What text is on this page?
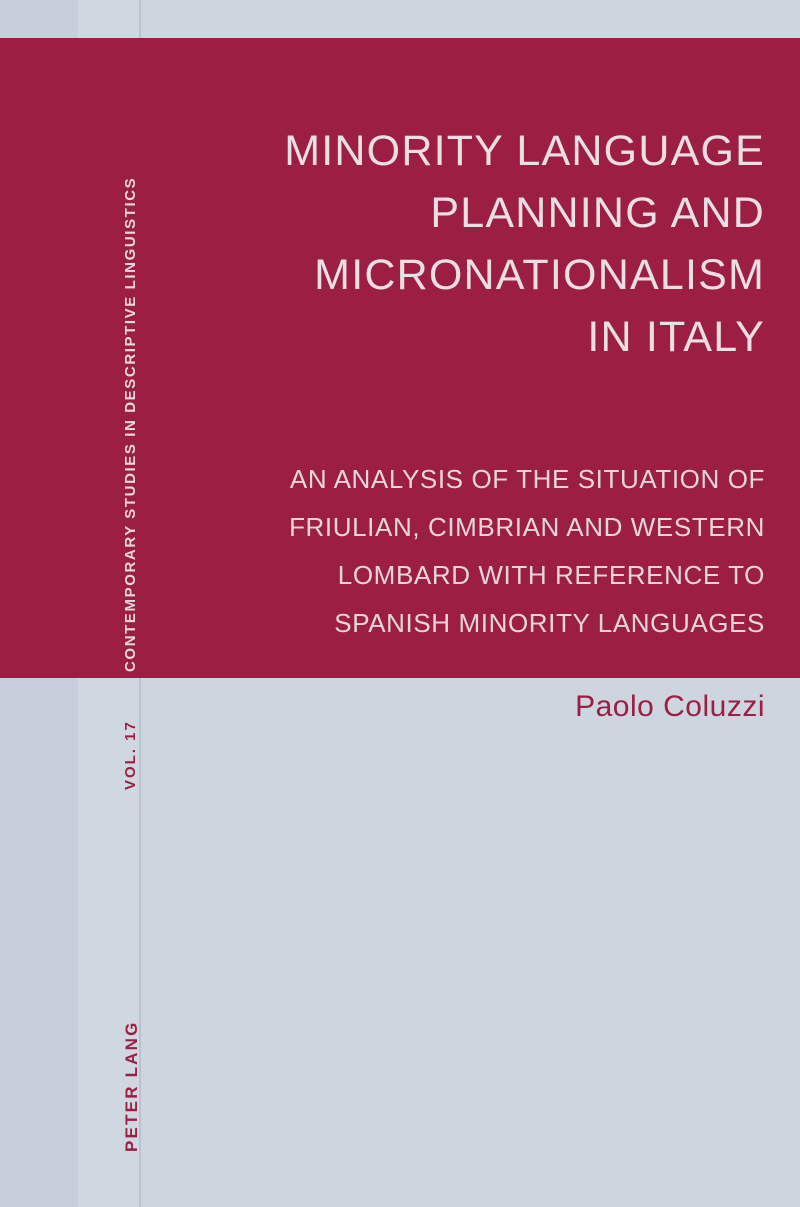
CONTEMPORARY STUDIES IN DESCRIPTIVE LINGUISTICS
VOL. 17
PETER LANG
MINORITY LANGUAGE
PLANNING AND
MICRONATIONALISM
IN ITALY
AN ANALYSIS OF THE SITUATION OF
FRIULIAN, CIMBRIAN AND WESTERN
LOMBARD WITH REFERENCE TO
SPANISH MINORITY LANGUAGES
Paolo Coluzzi
